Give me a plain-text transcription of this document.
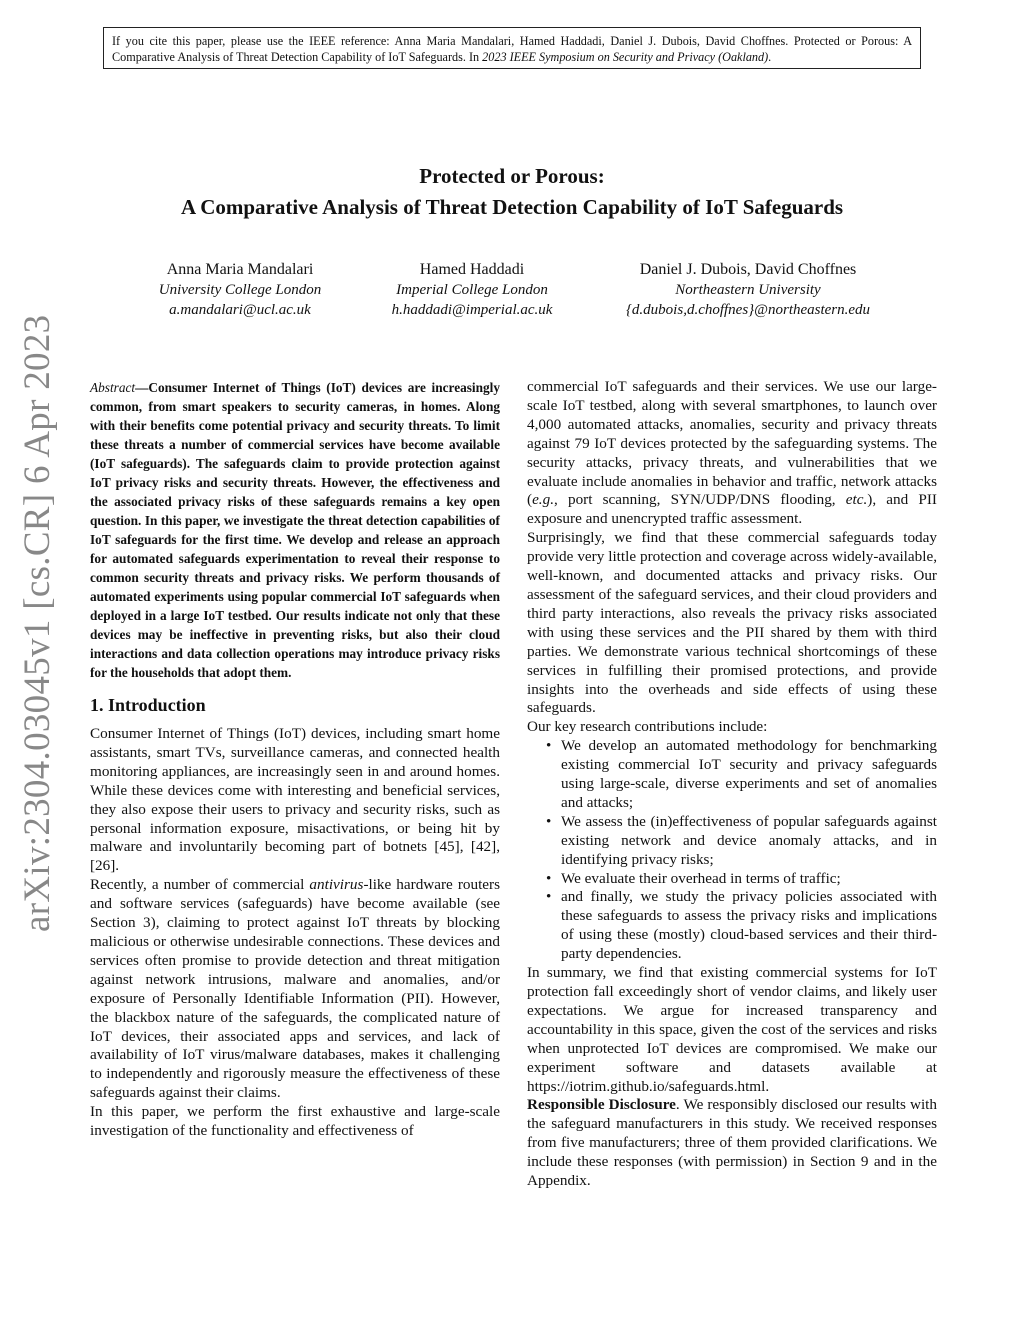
If you cite this paper, please use the IEEE reference: Anna Maria Mandalari, Hamed Haddadi, Daniel J. Dubois, David Choffnes. Protected or Porous: A Comparative Analysis of Threat Detection Capability of IoT Safeguards. In 2023 IEEE Symposium on Security and Privacy (Oakland).
Protected or Porous:
A Comparative Analysis of Threat Detection Capability of IoT Safeguards
Anna Maria Mandalari
University College London
a.mandalari@ucl.ac.uk
Hamed Haddadi
Imperial College London
h.haddadi@imperial.ac.uk
Daniel J. Dubois, David Choffnes
Northeastern University
{d.dubois,d.choffnes}@northeastern.edu
arXiv:2304.03045v1 [cs.CR] 6 Apr 2023	Abstract—Consumer Internet of Things (IoT) devices are increasingly common, from smart speakers to security cameras, in homes. Along with their benefits come potential privacy and security threats. To limit these threats a number of commercial services have become available (IoT safeguards). The safeguards claim to provide protection against IoT privacy risks and security threats. However, the effectiveness and the associated privacy risks of these safeguards remains a key open question. In this paper, we investigate the threat detection capabilities of IoT safeguards for the first time. We develop and release an approach for automated safeguards experimentation to reveal their response to common security threats and privacy risks. We perform thousands of automated experiments using popular commercial IoT safeguards when deployed in a large IoT testbed. Our results indicate not only that these devices may be ineffective in preventing risks, but also their cloud interactions and data collection operations may introduce privacy risks for the households that adopt them.

1. Introduction

Consumer Internet of Things (IoT) devices, including smart home assistants, smart TVs, surveillance cameras, and connected health monitoring appliances, are increasingly seen in and around homes. While these devices come with interesting and beneficial services, they also expose their users to privacy and security risks, such as personal information exposure, misactivations, or being hit by malware and involuntarily becoming part of botnets [45], [42], [26].

Recently, a number of commercial antivirus-like hardware routers and software services (safeguards) have become available (see Section 3), claiming to protect against IoT threats by blocking malicious or otherwise undesirable connections. These devices and services often promise to provide detection and threat mitigation against network intrusions, malware and anomalies, and/or exposure of Personally Identifiable Information (PII). However, the blackbox nature of the safeguards, the complicated nature of IoT devices, their associated apps and services, and lack of availability of IoT virus/malware databases, makes it challenging to independently and rigorously measure the effectiveness of these safeguards against their claims.

In this paper, we perform the first exhaustive and large-scale investigation of the functionality and effectiveness of

commercial IoT safeguards and their services. We use our large-scale IoT testbed, along with several smartphones, to launch over 4,000 automated attacks, anomalies, security and privacy threats against 79 IoT devices protected by the safeguarding systems. The security attacks, privacy threats, and vulnerabilities that we evaluate include anomalies in behavior and traffic, network attacks (e.g., port scanning, SYN/UDP/DNS flooding, etc.), and PII exposure and unencrypted traffic assessment.

Surprisingly, we find that these commercial safeguards today provide very little protection and coverage across widely-available, well-known, and documented attacks and privacy risks. Our assessment of the safeguard services, and their cloud providers and third party interactions, also reveals the privacy risks associated with using these services and the PII shared by them with third parties. We demonstrate various technical shortcomings of these services in fulfilling their promised protections, and provide insights into the overheads and side effects of using these safeguards.

Our key research contributions include:

• We develop an automated methodology for benchmarking existing commercial IoT security and privacy safeguards using large-scale, diverse experiments and set of anomalies and attacks;
• We assess the (in)effectiveness of popular safeguards against existing network and device anomaly attacks, and in identifying privacy risks;
• We evaluate their overhead in terms of traffic;
• and finally, we study the privacy policies associated with these safeguards to assess the privacy risks and implications of using these (mostly) cloud-based services and their third-party dependencies.

In summary, we find that existing commercial systems for IoT protection fall exceedingly short of vendor claims, and likely user expectations. We argue for increased transparency and accountability in this space, given the cost of the services and risks when unprotected IoT devices are compromised. We make our experiment software and datasets available at https://iotrim.github.io/safeguards.html.

Responsible Disclosure. We responsibly disclosed our results with the safeguard manufacturers in this study. We received responses from five manufacturers; three of them provided clarifications. We include these responses (with permission) in Section 9 and in the Appendix.
